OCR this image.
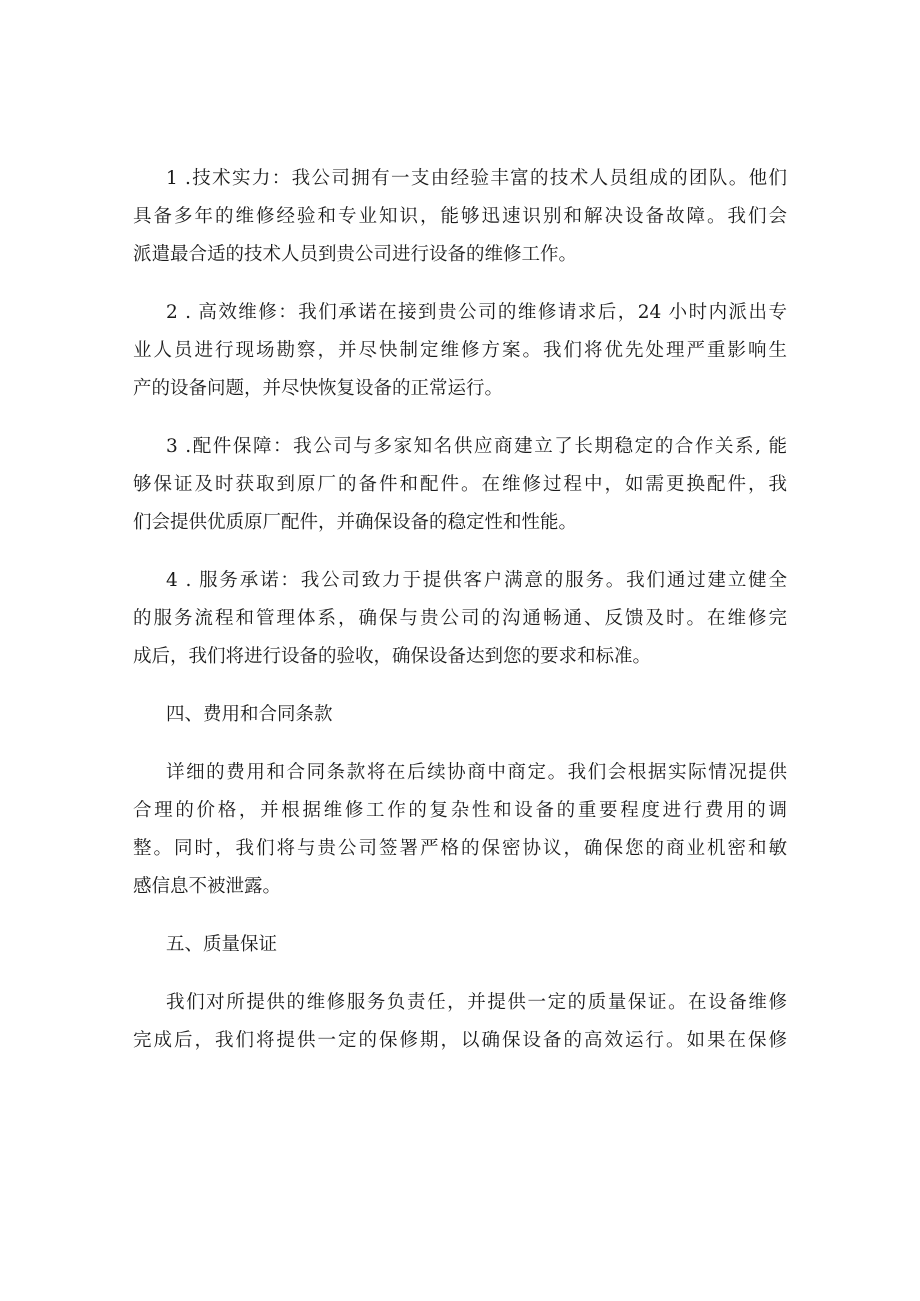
1 .技术实力：我公司拥有一支由经验丰富的技术人员组成的团队。他们
具备多年的维修经验和专业知识，能够迅速识别和解决设备故障。我们会
派遣最合适的技术人员到贵公司进行设备的维修工作。
2 . 高效维修：我们承诺在接到贵公司的维修请求后，24 小时内派出专
业人员进行现场勘察，并尽快制定维修方案。我们将优先处理严重影响生
产的设备问题，并尽快恢复设备的正常运行。
3 .配件保障：我公司与多家知名供应商建立了长期稳定的合作关系, 能
够保证及时获取到原厂的备件和配件。在维修过程中，如需更换配件，我
们会提供优质原厂配件，并确保设备的稳定性和性能。
4 . 服务承诺：我公司致力于提供客户满意的服务。我们通过建立健全
的服务流程和管理体系，确保与贵公司的沟通畅通、反馈及时。在维修完
成后，我们将进行设备的验收，确保设备达到您的要求和标准。
四、费用和合同条款
详细的费用和合同条款将在后续协商中商定。我们会根据实际情况提供
合理的价格，并根据维修工作的复杂性和设备的重要程度进行费用的调
整。同时，我们将与贵公司签署严格的保密协议，确保您的商业机密和敏
感信息不被泄露。
五、质量保证
我们对所提供的维修服务负责任，并提供一定的质量保证。在设备维修
完成后，我们将提供一定的保修期，以确保设备的高效运行。如果在保修
